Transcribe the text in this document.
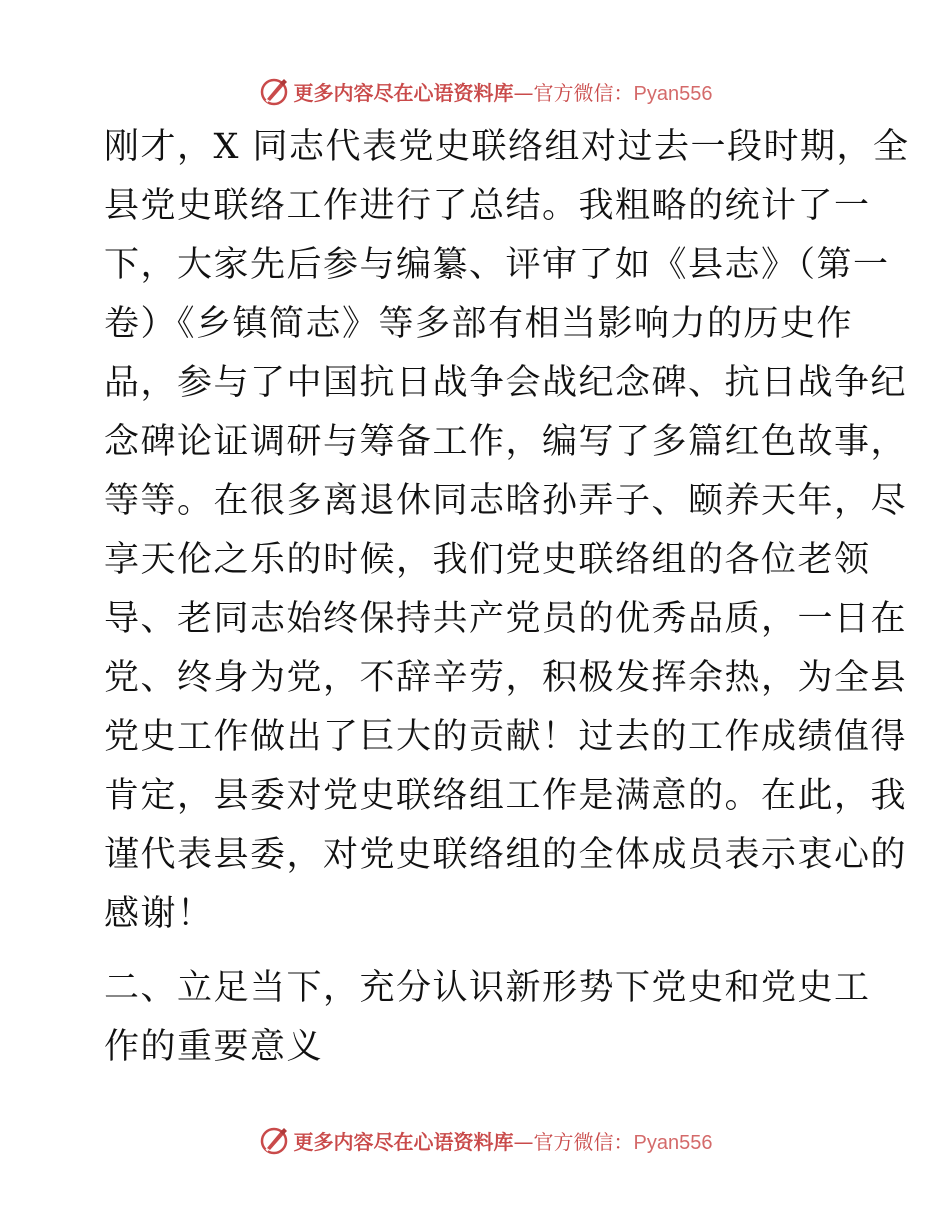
更多内容尽在心语资料库—官方微信：Pyan556
刚才，X 同志代表党史联络组对过去一段时期，全
县党史联络工作进行了总结。我粗略的统计了一
下，大家先后参与编纂、评审了如《县志》（第一
卷）《乡镇简志》等多部有相当影响力的历史作
品，参与了中国抗日战争会战纪念碑、抗日战争纪
念碑论证调研与筹备工作，编写了多篇红色故事，
等等。在很多离退休同志晗孙弄子、颐养天年，尽
享天伦之乐的时候，我们党史联络组的各位老领
导、老同志始终保持共产党员的优秀品质，一日在
党、终身为党，不辞辛劳，积极发挥余热，为全县
党史工作做出了巨大的贡献！过去的工作成绩值得
肯定，县委对党史联络组工作是满意的。在此，我
谨代表县委，对党史联络组的全体成员表示衷心的
感谢！
二、立足当下，充分认识新形势下党史和党史工
作的重要意义
更多内容尽在心语资料库—官方微信：Pyan556
